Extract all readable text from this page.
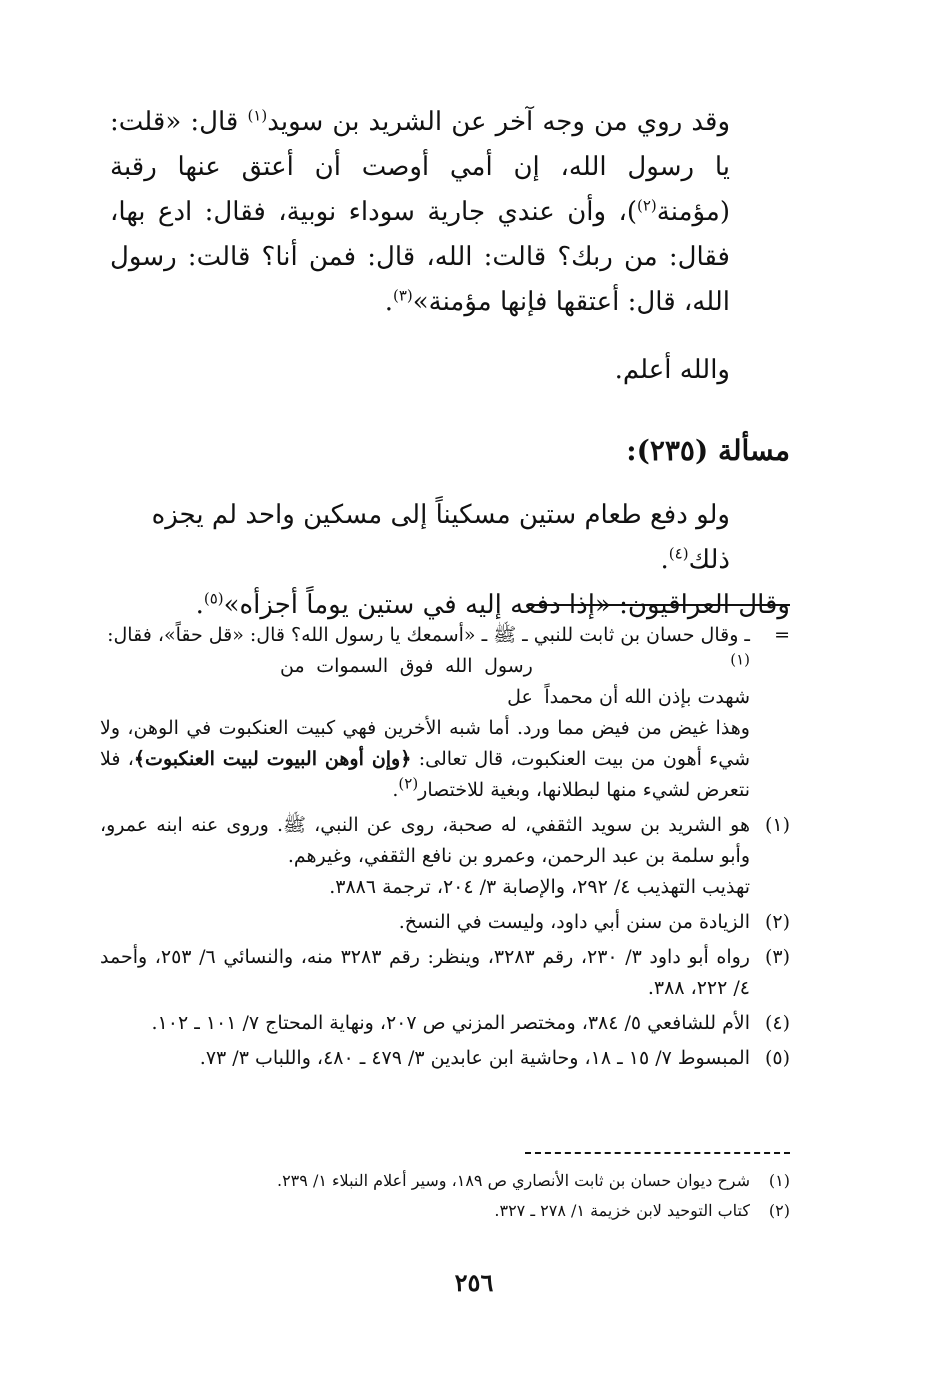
وقد روي من وجه آخر عن الشريد بن سويد$^{(١)}$ قال: «قلت: يا رسول الله، إن أمي أوصت أن أعتق عنها رقبة (مؤمنة$^{(٢)}$)، وأن عندي جارية سوداء نوبية، فقال: ادع بها، فقال: من ربك؟ قالت: الله، قال: فمن أنا؟ قالت: رسول الله، قال: أعتقها فإنها مؤمنة»$^{(٣)}$.

والله أعلم.

مسألة (٢٣٥):
ولو دفع طعام ستين مسكيناً إلى مسكين واحد لم يجزه ذلك$^{(٤)}$.
وقال العراقيون: «إذا دفعه إليه في ستين يوماً أجزأه»$^{(٥)}$.
=
ـ وقال حسان بن ثابت للنبي ـ ﷺ ـ «أسمعك يا رسول الله؟ قال: «قل حقاً»، فقال:
$^{(١)}$شهدت بإذن الله أن محمداً
رسول الله فوق السموات من عل
وهذا غيض من فيض مما ورد. أما شبه الأخرين فهي كبيت العنكبوت في الوهن، ولا شيء أهون من بيت العنكبوت، قال تعالى: ﴿وإن أوهن البيوت لبيت العنكبوت﴾، فلا نتعرض لشيء منها لبطلانها، وبغية للاختصار$^{(٢)}$.
(١)
هو الشريد بن سويد الثقفي، له صحبة، روى عن النبي، ﷺ. وروى عنه ابنه عمرو، وأبو سلمة بن عبد الرحمن، وعمرو بن نافع الثقفي، وغيرهم.
تهذيب التهذيب ٤/ ٢٩٢، والإصابة ٣/ ٢٠٤، ترجمة ٣٨٨٦.
(٢)
الزيادة من سنن أبي داود، وليست في النسخ.
(٣)
رواه أبو داود ٣/ ٢٣٠، رقم ٣٢٨٣، وينظر: رقم ٣٢٨٣ منه، والنسائي ٦/ ٢٥٣، وأحمد ٤/ ٢٢٢، ٣٨٨.
(٤)
الأم للشافعي ٥/ ٣٨٤، ومختصر المزني ص ٢٠٧، ونهاية المحتاج ٧/ ١٠١ ـ ١٠٢.
(٥)
المبسوط ٧/ ١٥ ـ ١٨، وحاشية ابن عابدين ٣/ ٤٧٩ ـ ٤٨٠، واللباب ٣/ ٧٣.
(١)
شرح ديوان حسان بن ثابت الأنصاري ص ١٨٩، وسير أعلام النبلاء ١/ ٢٣٩.
(٢)
كتاب التوحيد لابن خزيمة ١/ ٢٧٨ ـ ٣٢٧.

٢٥٦
